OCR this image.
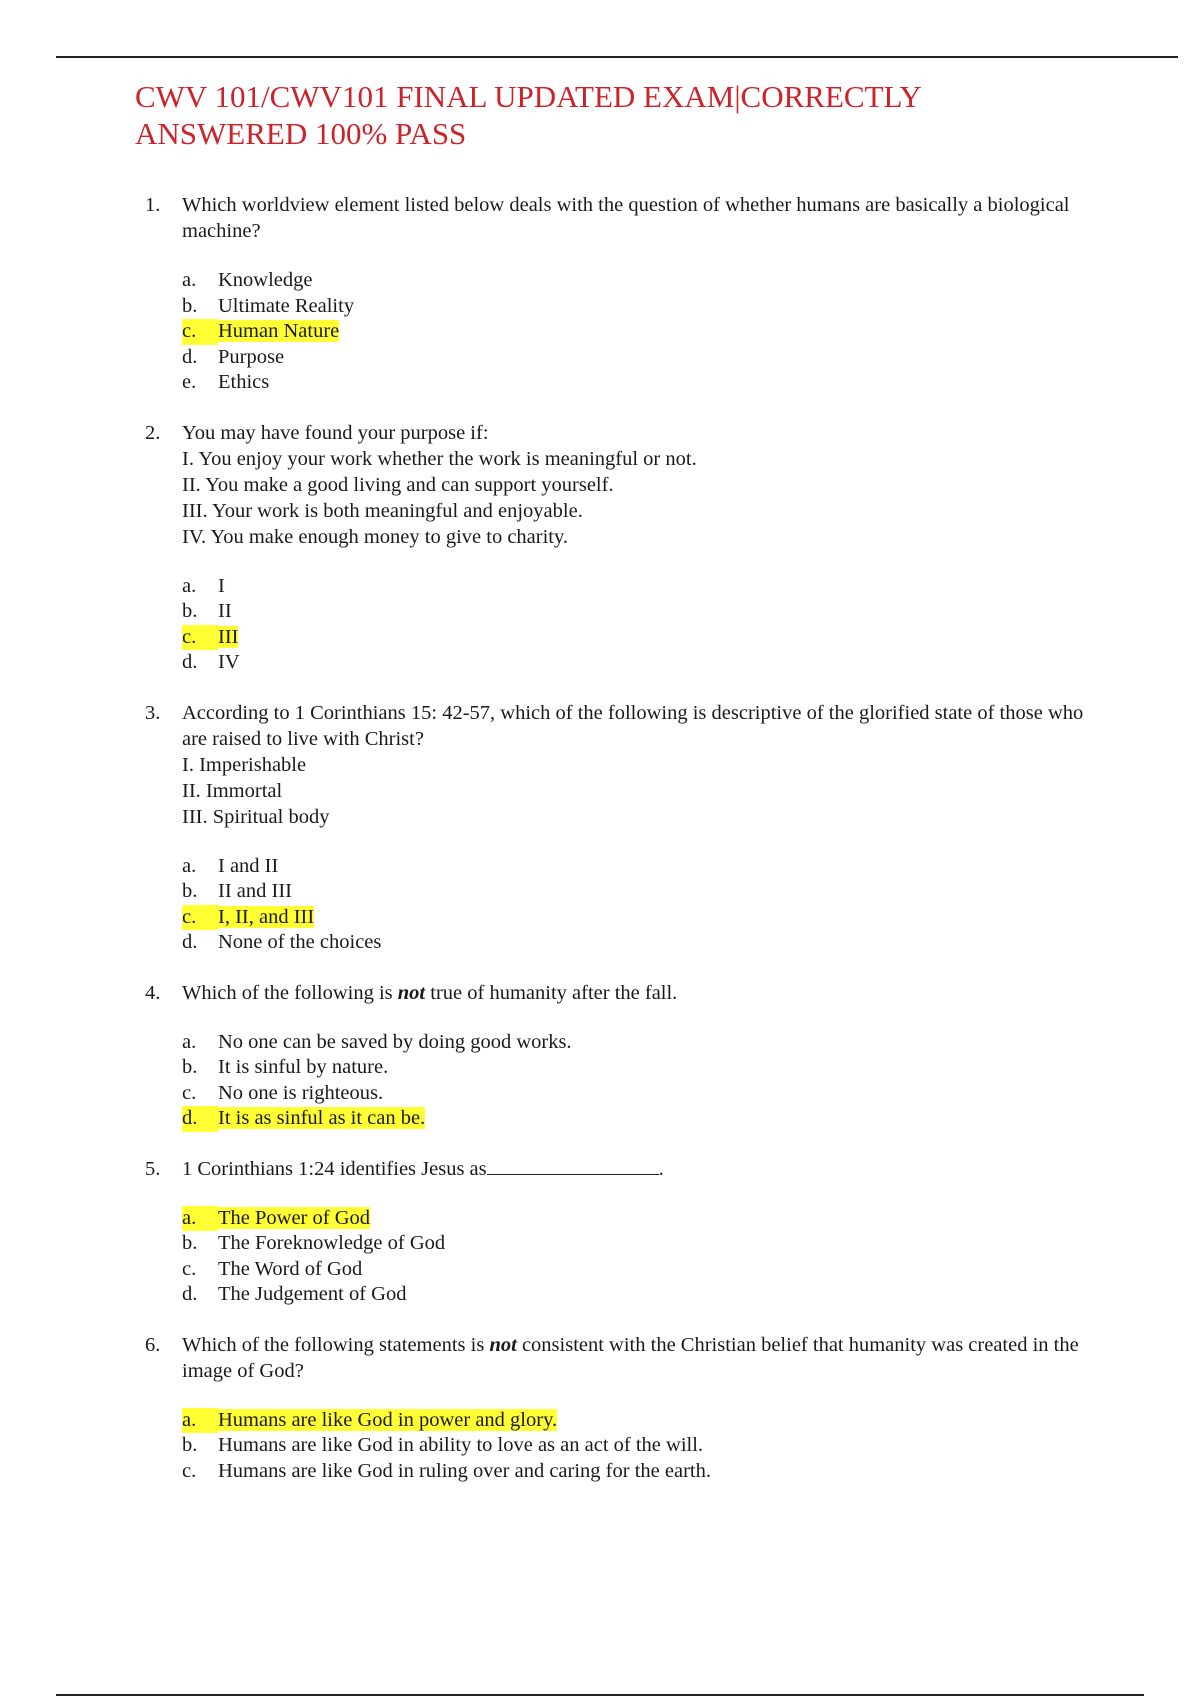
CWV 101/CWV101 FINAL UPDATED EXAM|CORRECTLY
ANSWERED 100% PASS
1. Which worldview element listed below deals with the question of whether humans are basically a biological machine?

a.	Knowledge
b.	Ultimate Reality
c.	Human Nature
d.	Purpose
e.	Ethics
2. You may have found your purpose if:

I. You enjoy your work whether the work is meaningful or not.

II. You make a good living and can support yourself.

III. Your work is both meaningful and enjoyable.

IV. You make enough money to give to charity.

a.	I
b.	II
c.	III
d.	IV
3. According to 1 Corinthians 15: 42-57, which of the following is descriptive of the glorified state of those who are raised to live with Christ?

I. Imperishable

II. Immortal

III. Spiritual body

a.	I and II
b.	II and III
c.	I, II, and III
d.	None of the choices
4. Which of the following is not true of humanity after the fall.

a.	No one can be saved by doing good works.
b.	It is sinful by nature.
c.	No one is righteous.
d.	It is as sinful as it can be.
5. 1 Corinthians 1:24 identifies Jesus as	.

a.	The Power of God
b.	The Foreknowledge of God
c.	The Word of God
d.	The Judgement of God
6. Which of the following statements is not consistent with the Christian belief that humanity was created in the image of God?

a.	Humans are like God in power and glory.
b.	Humans are like God in ability to love as an act of the will.
c.	Humans are like God in ruling over and caring for the earth.
